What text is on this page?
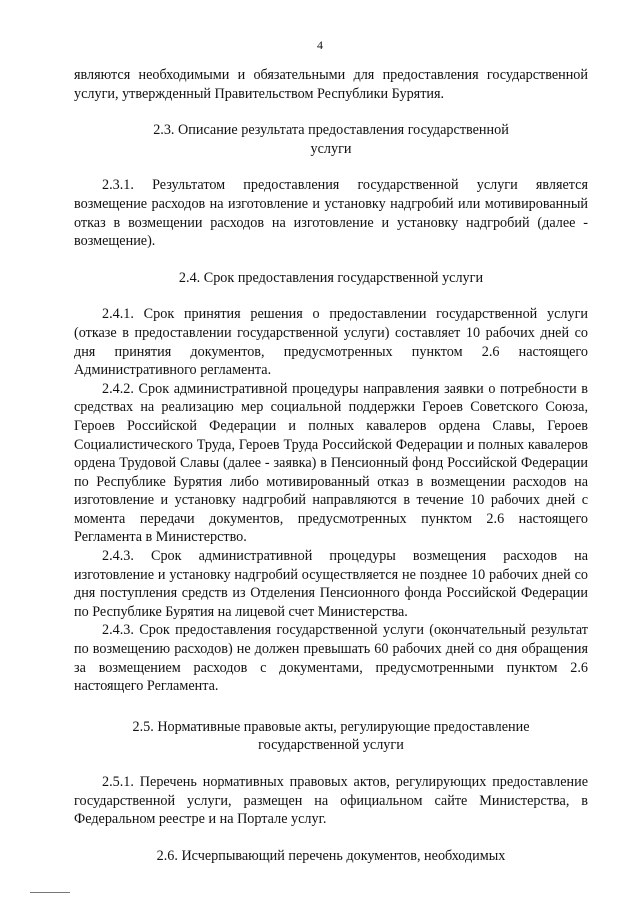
4

являются необходимыми и обязательными для предоставления государственной услуги, утвержденный Правительством Республики Бурятия.

2.3. Описание результата предоставления государственной услуги

2.3.1. Результатом предоставления государственной услуги является возмещение расходов на изготовление и установку надгробий или мотивированный отказ в возмещении расходов на изготовление и установку надгробий (далее - возмещение).

2.4. Срок предоставления государственной услуги

2.4.1. Срок принятия решения о предоставлении государственной услуги (отказе в предоставлении государственной услуги) составляет 10 рабочих дней со дня принятия документов, предусмотренных пунктом 2.6 настоящего Административного регламента.

2.4.2. Срок административной процедуры направления заявки о потребности в средствах на реализацию мер социальной поддержки Героев Советского Союза, Героев Российской Федерации и полных кавалеров ордена Славы, Героев Социалистического Труда, Героев Труда Российской Федерации и полных кавалеров ордена Трудовой Славы (далее - заявка) в Пенсионный фонд Российской Федерации по Республике Бурятия либо мотивированный отказ в возмещении расходов на изготовление и установку надгробий направляются в течение 10 рабочих дней с момента передачи документов, предусмотренных пунктом 2.6 настоящего Регламента в Министерство.

2.4.3. Срок административной процедуры возмещения расходов на изготовление и установку надгробий осуществляется не позднее 10 рабочих дней со дня поступления средств из Отделения Пенсионного фонда Российской Федерации по Республике Бурятия на лицевой счет Министерства.

2.4.3. Срок предоставления государственной услуги (окончательный результат по возмещению расходов) не должен превышать 60 рабочих дней со дня обращения за возмещением расходов с документами, предусмотренными пунктом 2.6 настоящего Регламента.

2.5. Нормативные правовые акты, регулирующие предоставление государственной услуги

2.5.1. Перечень нормативных правовых актов, регулирующих предоставление государственной услуги, размещен на официальном сайте Министерства, в Федеральном реестре и на Портале услуг.

2.6. Исчерпывающий перечень документов, необходимых
